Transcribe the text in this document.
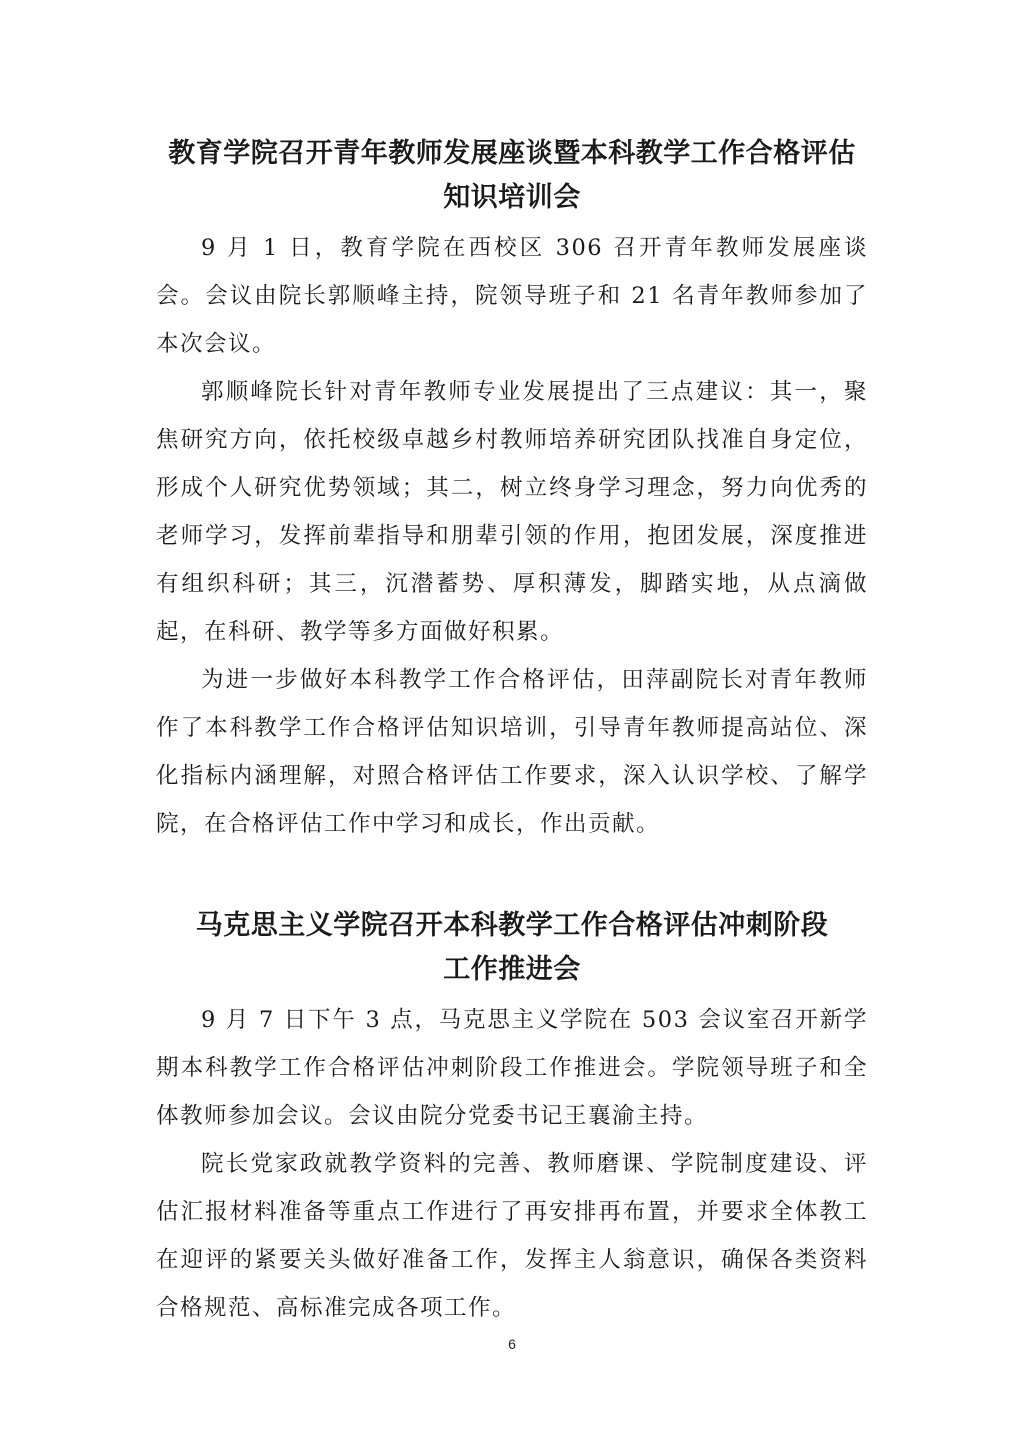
教育学院召开青年教师发展座谈暨本科教学工作合格评估
知识培训会

9 月 1 日，教育学院在西校区 306 召开青年教师发展座谈会。会议由院长郭顺峰主持，院领导班子和 21 名青年教师参加了本次会议。

郭顺峰院长针对青年教师专业发展提出了三点建议：其一，聚焦研究方向，依托校级卓越乡村教师培养研究团队找准自身定位，形成个人研究优势领域；其二，树立终身学习理念，努力向优秀的老师学习，发挥前辈指导和朋辈引领的作用，抱团发展，深度推进有组织科研；其三，沉潜蓄势、厚积薄发，脚踏实地，从点滴做起，在科研、教学等多方面做好积累。

为进一步做好本科教学工作合格评估，田萍副院长对青年教师作了本科教学工作合格评估知识培训，引导青年教师提高站位、深化指标内涵理解，对照合格评估工作要求，深入认识学校、了解学院，在合格评估工作中学习和成长，作出贡献。

马克思主义学院召开本科教学工作合格评估冲刺阶段
工作推进会

9 月 7 日下午 3 点，马克思主义学院在 503 会议室召开新学期本科教学工作合格评估冲刺阶段工作推进会。学院领导班子和全体教师参加会议。会议由院分党委书记王襄渝主持。

院长党家政就教学资料的完善、教师磨课、学院制度建设、评估汇报材料准备等重点工作进行了再安排再布置，并要求全体教工在迎评的紧要关头做好准备工作，发挥主人翁意识，确保各类资料合格规范、高标准完成各项工作。

6
